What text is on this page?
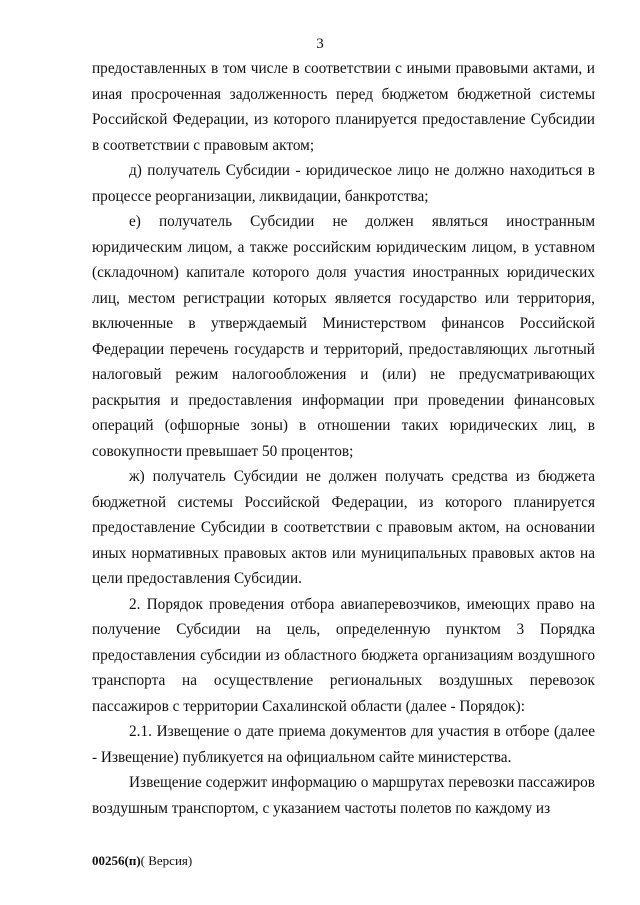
3

предоставленных в том числе в соответствии с иными правовыми актами, и иная просроченная задолженность перед бюджетом бюджетной системы Российской Федерации, из которого планируется предоставление Субсидии в соответствии с правовым актом;

д) получатель Субсидии - юридическое лицо не должно находиться в процессе реорганизации, ликвидации, банкротства;

е) получатель Субсидии не должен являться иностранным юридическим лицом, а также российским юридическим лицом, в уставном (складочном) капитале которого доля участия иностранных юридических лиц, местом регистрации которых является государство или территория, включенные в утверждаемый Министерством финансов Российской Федерации перечень государств и территорий, предоставляющих льготный налоговый режим налогообложения и (или) не предусматривающих раскрытия и предоставления информации при проведении финансовых операций (офшорные зоны) в отношении таких юридических лиц, в совокупности превышает 50 процентов;

ж) получатель Субсидии не должен получать средства из бюджета бюджетной системы Российской Федерации, из которого планируется предоставление Субсидии в соответствии с правовым актом, на основании иных нормативных правовых актов или муниципальных правовых актов на цели предоставления Субсидии.

2. Порядок проведения отбора авиаперевозчиков, имеющих право на получение Субсидии на цель, определенную пунктом 3 Порядка предоставления субсидии из областного бюджета организациям воздушного транспорта на осуществление региональных воздушных перевозок пассажиров с территории Сахалинской области (далее - Порядок):

2.1. Извещение о дате приема документов для участия в отборе (далее - Извещение) публикуется на официальном сайте министерства.

Извещение содержит информацию о маршрутах перевозки пассажиров воздушным транспортом, с указанием частоты полетов по каждому из

00256(п)( Версия)
